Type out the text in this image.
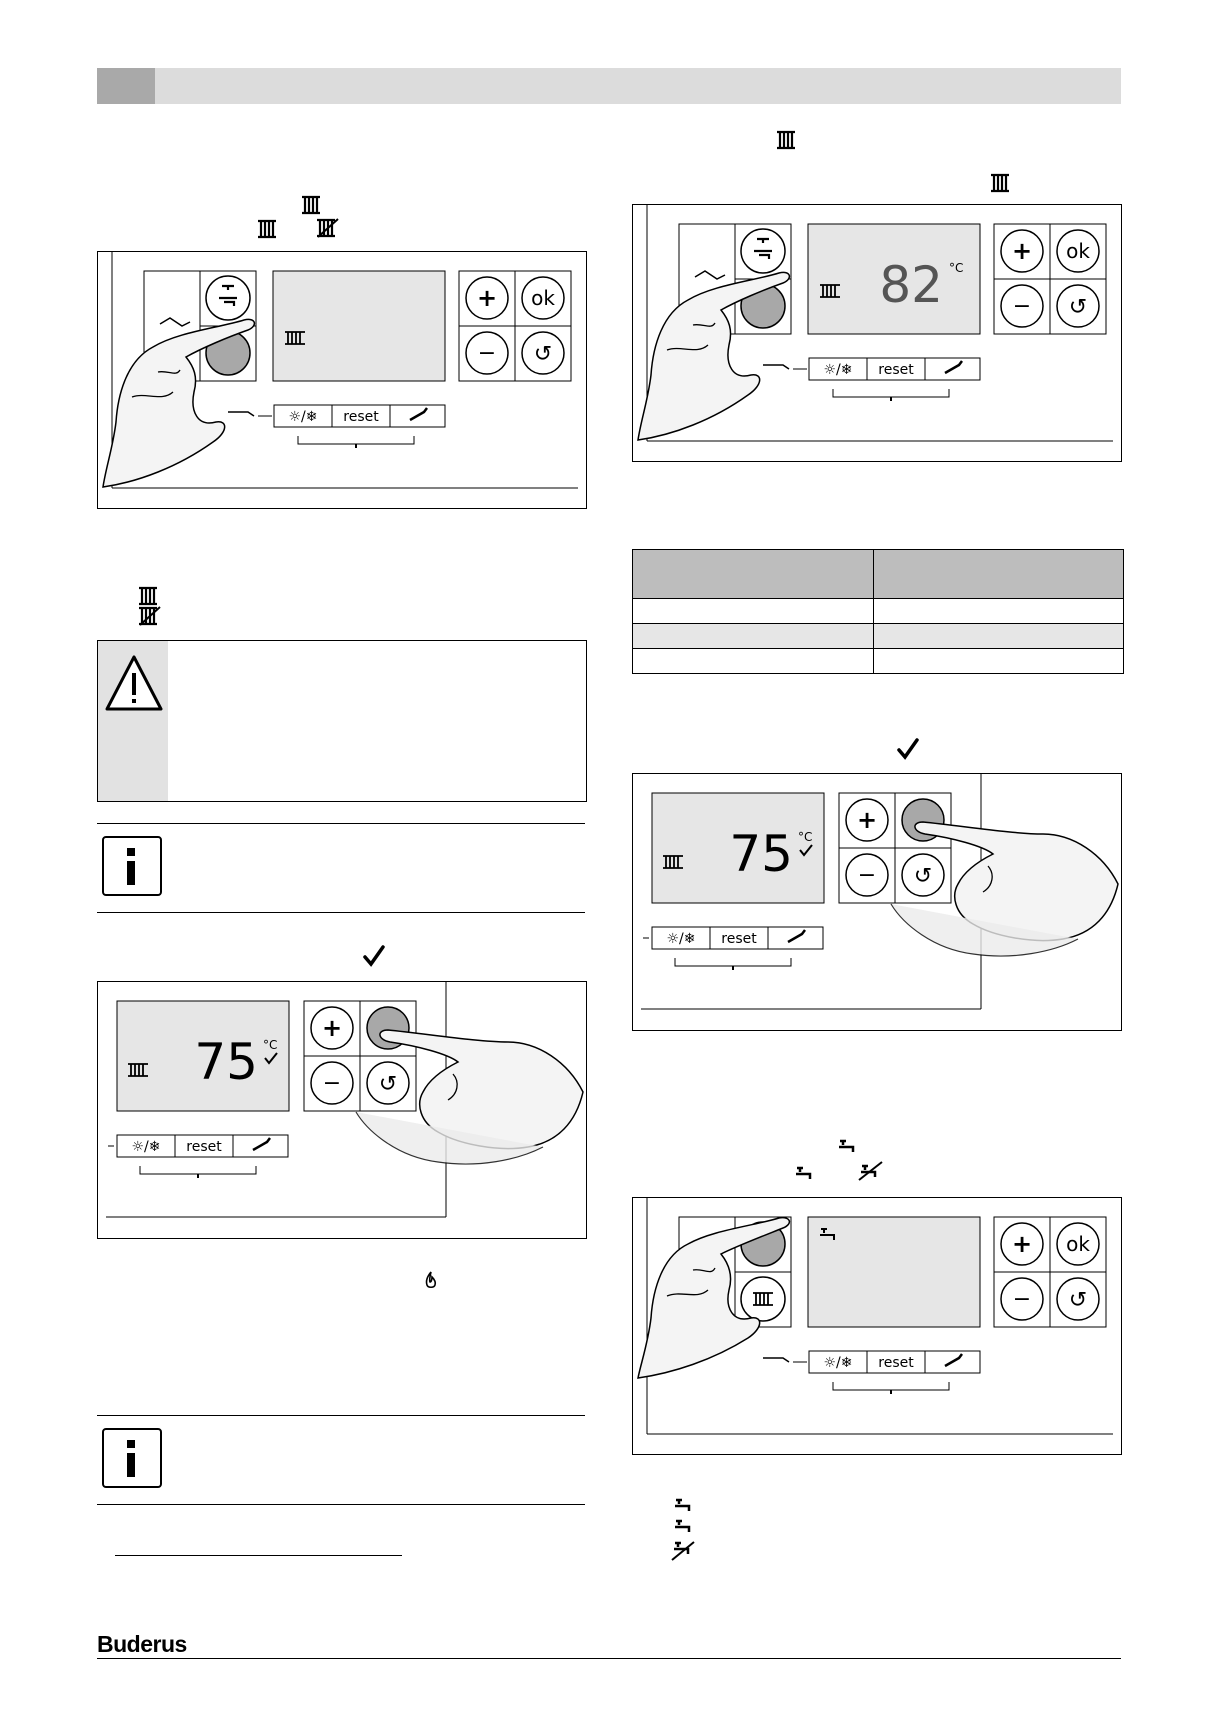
+ ok
− ↺
☼/❄ reset
75 °C
+
− ↺
☼/❄ reset
82 °C
+ ok
− ↺
☼/❄ reset

75 °C
+
− ↺
☼/❄ reset
+ ok
− ↺
☼/❄ reset
Buderus
